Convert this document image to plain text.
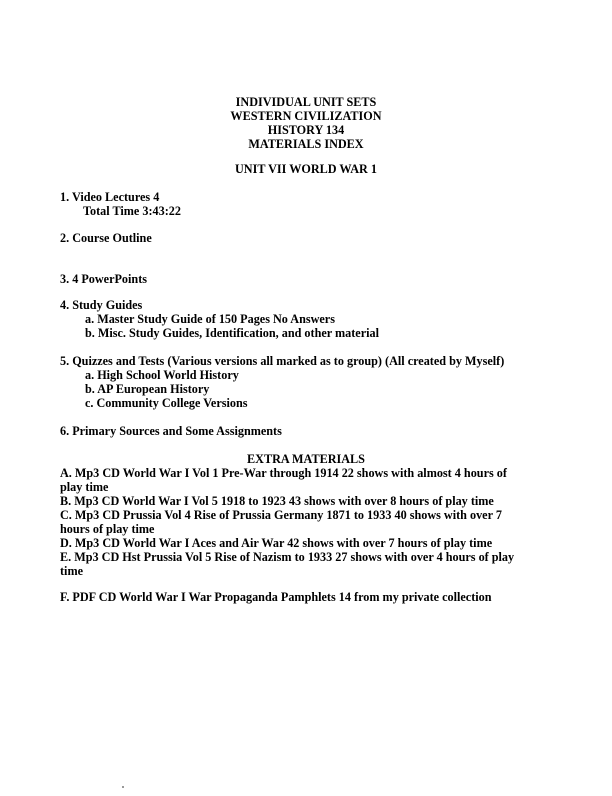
INDIVIDUAL UNIT SETS
WESTERN CIVILIZATION
HISTORY 134
MATERIALS INDEX
UNIT VII WORLD WAR 1
1. Video Lectures 4
Total Time 3:43:22
2. Course Outline
3. 4 PowerPoints
4. Study Guides
a. Master Study Guide of 150 Pages No Answers
b. Misc. Study Guides, Identification, and other material
5. Quizzes and Tests (Various versions all marked as to group) (All created by Myself)
a. High School World History
b. AP European History
c. Community College Versions
6. Primary Sources and Some Assignments
EXTRA MATERIALS
A. Mp3 CD World War I Vol 1 Pre-War through 1914 22 shows with almost 4 hours of play time
B. Mp3 CD World War I Vol 5 1918 to 1923 43 shows with over 8 hours of play time
C. Mp3 CD Prussia Vol 4 Rise of Prussia Germany 1871 to 1933 40 shows with over 7 hours of play time
D. Mp3 CD World War I Aces and Air War 42 shows with over 7 hours of play time
E. Mp3 CD Hst Prussia Vol 5 Rise of Nazism to 1933 27 shows with over 4 hours of play time
F. PDF CD World War I War Propaganda Pamphlets 14 from my private collection
